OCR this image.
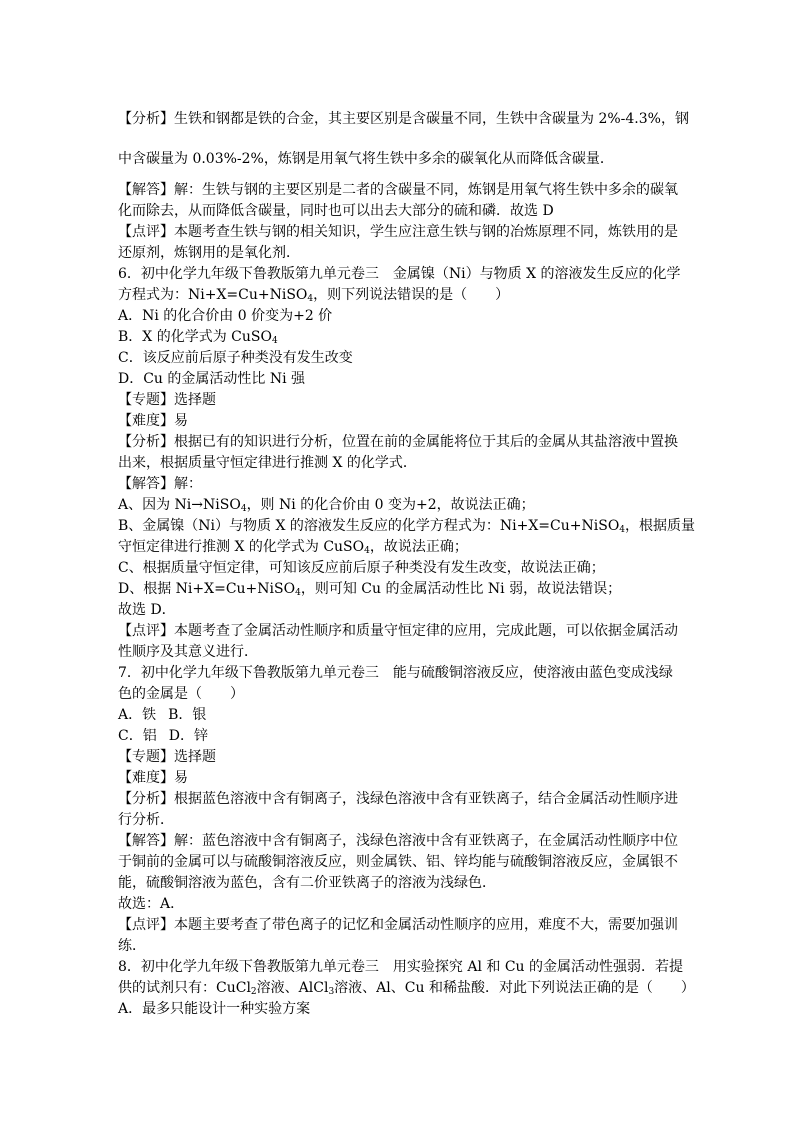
【分析】生铁和钢都是铁的合金，其主要区别是含碳量不同，生铁中含碳量为 2%-4.3%，钢
中含碳量为 0.03%-2%，炼钢是用氧气将生铁中多余的碳氧化从而降低含碳量．
【解答】解：生铁与钢的主要区别是二者的含碳量不同，炼钢是用氧气将生铁中多余的碳氧
化而除去，从而降低含碳量，同时也可以出去大部分的硫和磷．故选 D
【点评】本题考查生铁与钢的相关知识，学生应注意生铁与钢的冶炼原理不同，炼铁用的是
还原剂，炼钢用的是氧化剂．
6．初中化学九年级下鲁教版第九单元卷三　金属镍（Ni）与物质 X 的溶液发生反应的化学
方程式为：Ni+X=Cu+NiSO$_4$，则下列说法错误的是（　　）
A．Ni 的化合价由 0 价变为+2 价
B．X 的化学式为 CuSO$_4$
C．该反应前后原子种类没有发生改变
D．Cu 的金属活动性比 Ni 强
【专题】选择题
【难度】易
【分析】根据已有的知识进行分析，位置在前的金属能将位于其后的金属从其盐溶液中置换
出来，根据质量守恒定律进行推测 X 的化学式．
【解答】解：
A、因为 Ni→NiSO$_4$，则 Ni 的化合价由 0 变为+2，故说法正确；
B、金属镍（Ni）与物质 X 的溶液发生反应的化学方程式为：Ni+X=Cu+NiSO$_4$，根据质量
守恒定律进行推测 X 的化学式为 CuSO$_4$，故说法正确；
C、根据质量守恒定律，可知该反应前后原子种类没有发生改变，故说法正确；
D、根据 Ni+X=Cu+NiSO$_4$，则可知 Cu 的金属活动性比 Ni 弱，故说法错误；
故选 D．
【点评】本题考查了金属活动性顺序和质量守恒定律的应用，完成此题，可以依据金属活动
性顺序及其意义进行．
7．初中化学九年级下鲁教版第九单元卷三　能与硫酸铜溶液反应，使溶液由蓝色变成浅绿
色的金属是（　　）
A．铁 B．银
C．铝 D．锌
【专题】选择题
【难度】易
【分析】根据蓝色溶液中含有铜离子，浅绿色溶液中含有亚铁离子，结合金属活动性顺序进
行分析．
【解答】解：蓝色溶液中含有铜离子，浅绿色溶液中含有亚铁离子，在金属活动性顺序中位
于铜前的金属可以与硫酸铜溶液反应，则金属铁、铝、锌均能与硫酸铜溶液反应，金属银不
能，硫酸铜溶液为蓝色，含有二价亚铁离子的溶液为浅绿色．
故选：A．
【点评】本题主要考查了带色离子的记忆和金属活动性顺序的应用，难度不大，需要加强训
练．
8．初中化学九年级下鲁教版第九单元卷三　用实验探究 Al 和 Cu 的金属活动性强弱．若提
供的试剂只有：CuCl$_2$溶液、AlCl$_3$溶液、Al、Cu 和稀盐酸．对此下列说法正确的是（　　）
A．最多只能设计一种实验方案
